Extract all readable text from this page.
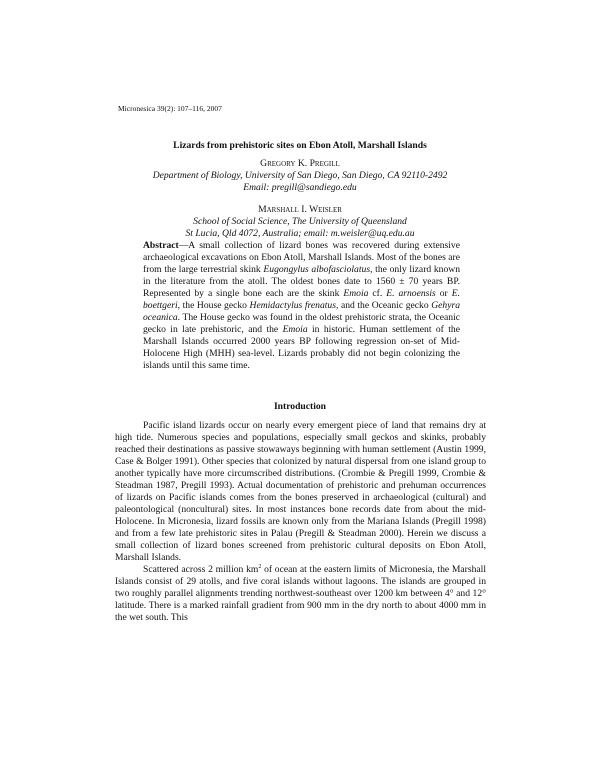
Micronesica 39(2): 107–116, 2007
Lizards from prehistoric sites on Ebon Atoll, Marshall Islands
Gregory K. Pregill
Department of Biology, University of San Diego, San Diego, CA 92110-2492
Email: pregill@sandiego.edu
Marshall I. Weisler
School of Social Science, The University of Queensland
St Lucia, Qld 4072, Australia; email: m.weisler@uq.edu.au
Abstract—A small collection of lizard bones was recovered during extensive archaeological excavations on Ebon Atoll, Marshall Islands. Most of the bones are from the large terrestrial skink Eugongylus albofasciolatus, the only lizard known in the literature from the atoll. The oldest bones date to 1560 ± 70 years BP. Represented by a single bone each are the skink Emoia cf. E. arnoensis or E. boettgeri, the House gecko Hemidactylus frenatus, and the Oceanic gecko Gehyra oceanica. The House gecko was found in the oldest prehistoric strata, the Oceanic gecko in late prehistoric, and the Emoia in historic. Human settlement of the Marshall Islands occurred 2000 years BP following regression on-set of Mid-Holocene High (MHH) sea-level. Lizards probably did not begin colonizing the islands until this same time.
Introduction

Pacific island lizards occur on nearly every emergent piece of land that remains dry at high tide. Numerous species and populations, especially small geckos and skinks, probably reached their destinations as passive stowaways beginning with human settlement (Austin 1999, Case & Bolger 1991). Other species that colonized by natural dispersal from one island group to another typically have more circumscribed distributions. (Crombie & Pregill 1999, Crombie & Steadman 1987, Pregill 1993). Actual documentation of prehistoric and prehuman occurrences of lizards on Pacific islands comes from the bones preserved in archaeological (cultural) and paleontological (noncultural) sites. In most instances bone records date from about the mid-Holocene. In Micronesia, lizard fossils are known only from the Mariana Islands (Pregill 1998) and from a few late prehistoric sites in Palau (Pregill & Steadman 2000). Herein we discuss a small collection of lizard bones screened from prehistoric cultural deposits on Ebon Atoll, Marshall Islands.

Scattered across 2 million $km^2$ of ocean at the eastern limits of Micronesia, the Marshall Islands consist of 29 atolls, and five coral islands without lagoons. The islands are grouped in two roughly parallel alignments trending northwest-southeast over 1200 km between 4° and 12° latitude. There is a marked rainfall gradient from 900 mm in the dry north to about 4000 mm in the wet south. This
